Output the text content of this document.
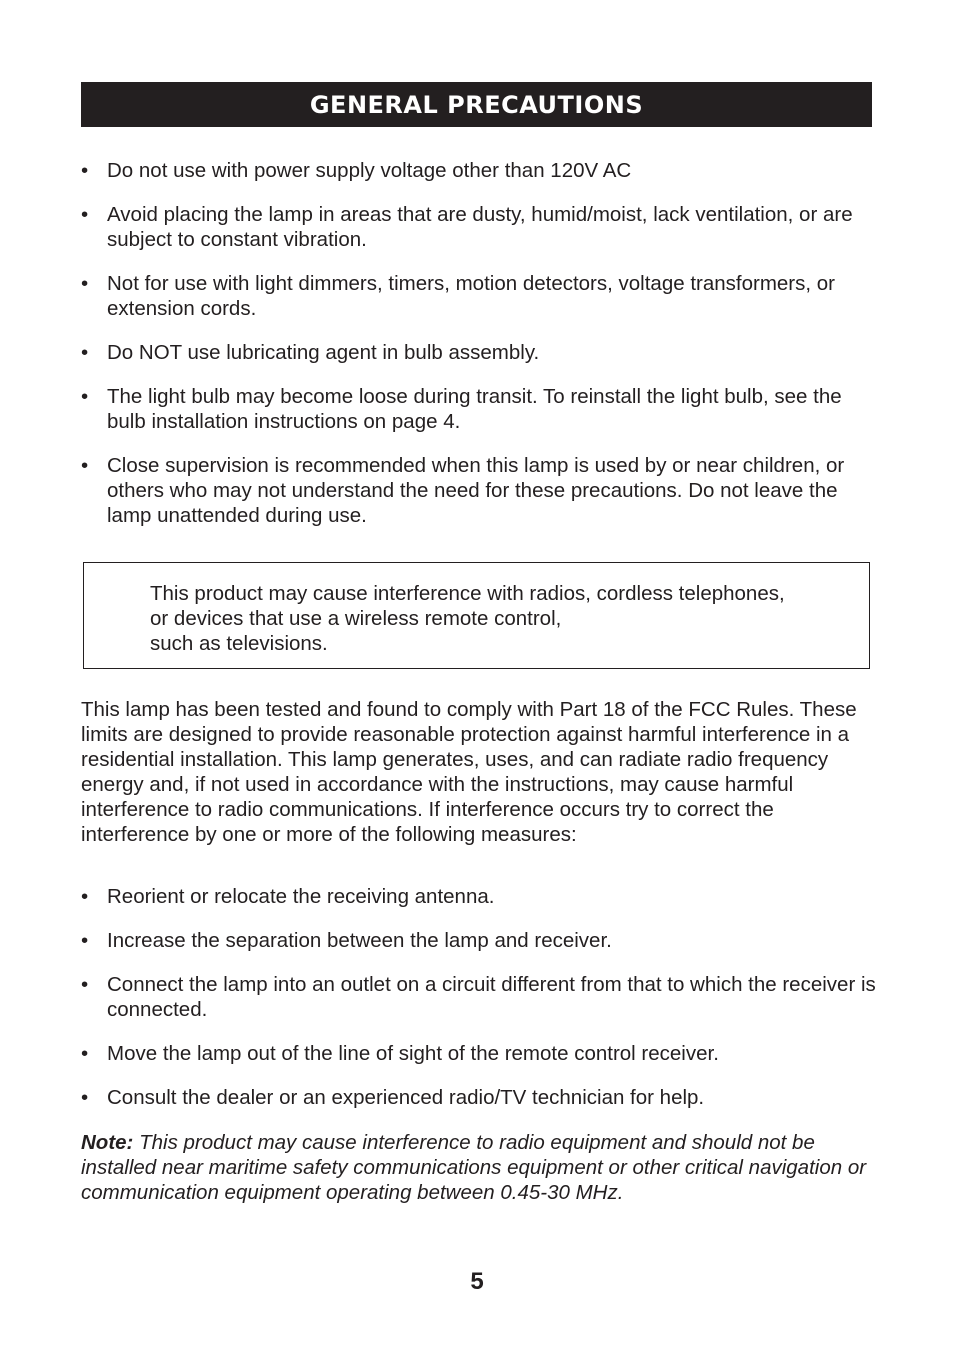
GENERAL PRECAUTIONS
• Do not use with power supply voltage other than 120V AC
• Avoid placing the lamp in areas that are dusty, humid/moist, lack ventilation, or are subject to constant vibration.
• Not for use with light dimmers, timers, motion detectors, voltage transformers, or extension cords.
• Do NOT use lubricating agent in bulb assembly.
• The light bulb may become loose during transit. To reinstall the light bulb, see the bulb installation instructions on page 4.
• Close supervision is recommended when this lamp is used by or near children, or others who may not understand the need for these precautions. Do not leave the lamp unattended during use.

This product may cause interference with radios, cordless telephones,
or devices that use a wireless remote control,
such as televisions.

This lamp has been tested and found to comply with Part 18 of the FCC Rules. These limits are designed to provide reasonable protection against harmful interference in a residential installation. This lamp generates, uses, and can radiate radio frequency energy and, if not used in accordance with the instructions, may cause harmful interference to radio communications. If interference occurs try to correct the interference by one or more of the following measures:

• Reorient or relocate the receiving antenna.
• Increase the separation between the lamp and receiver.
• Connect the lamp into an outlet on a circuit different from that to which the receiver is connected.
• Move the lamp out of the line of sight of the remote control receiver.
• Consult the dealer or an experienced radio/TV technician for help.

Note: This product may cause interference to radio equipment and should not be installed near maritime safety communications equipment or other critical navigation or communication equipment operating between 0.45-30 MHz.

5
